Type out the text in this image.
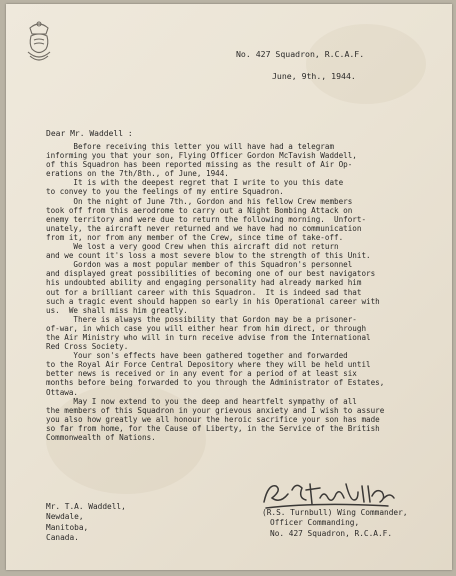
No. 427 Squadron, R.C.A.F.
June, 9th., 1944.
Dear Mr. Waddell :
Before receiving this letter you will have had a telegram
informing you that your son, Flying Officer Gordon McTavish Waddell,
of this Squadron has been reported missing as the result of Air Op-
erations on the 7th/8th., of June, 1944.
It is with the deepest regret that I write to you this date
to convey to you the feelings of my entire Squadron.
On the night of June 7th., Gordon and his fellow Crew members
took off from this aerodrome to carry out a Night Bombing Attack on
enemy territory and were due to return the following morning.  Unfort-
unately, the aircraft never returned and we have had no communication
from it, nor from any member of the Crew, since time of take-off.
We lost a very good Crew when this aircraft did not return
and we count it's loss a most severe blow to the strength of this Unit.
Gordon was a most popular member of this Squadron's personnel
and displayed great possibilities of becoming one of our best navigators
his undoubted ability and engaging personality had already marked him
out for a brilliant career with this Squadron.  It is indeed sad that
such a tragic event should happen so early in his Operational career with
us.  We shall miss him greatly.
There is always the possibility that Gordon may be a prisoner-
of-war, in which case you will either hear from him direct, or through
the Air Ministry who will in turn receive advise from the International
Red Cross Society.
Your son's effects have been gathered together and forwarded
to the Royal Air Force Central Depository where they will be held until
better news is received or in any event for a period of at least six
months before being forwarded to you through the Administrator of Estates,
Ottawa.
May I now extend to you the deep and heartfelt sympathy of all
the members of this Squadron in your grievous anxiety and I wish to assure
you also how greatly we all honour the heroic sacrifice your son has made
so far from home, for the Cause of Liberty, in the Service of the British
Commonwealth of Nations.
Mr. T.A. Waddell,
Newdale,
Manitoba,
Canada.
(R.S. Turnbull) Wing Commander,
Officer Commanding,
No. 427 Squadron, R.C.A.F.
